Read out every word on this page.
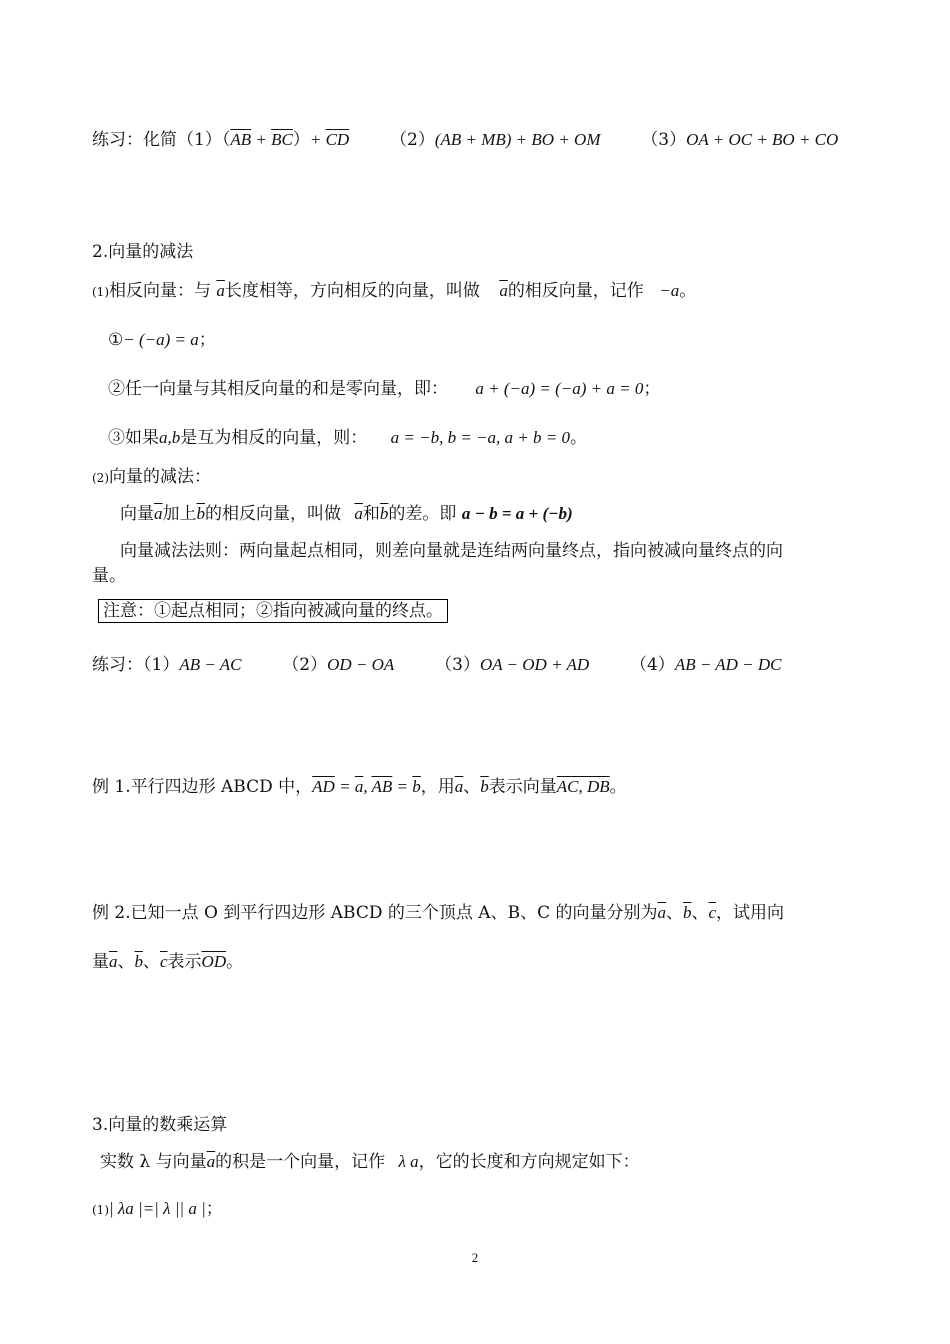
练习：化简$(1)(\overline{AB} + \overline{BC})+ \overline{CD}$ （2）(AB + MB) + BO + OM （3）OA + OC + BO + CO
2.向量的减法
(1)相反向量：与 $\overline{a}$长度相等，方向相反的向量，叫做 $\overline{a}$的相反向量，记作 −a。
①− (−a) = a；
②任一向量与其相反向量的和是零向量，即： a + (−a) = (−a) + a = 0；
③如果a,b是互为相反的向量，则： a = −b, b = −a, a + b = 0。
(2)向量的减法：
向量$\overline{a}$加上$\overline{b}$的相反向量，叫做 $\overline{a}$和$\overline{b}$的差。即 a − b = a + (−b)
向量减法法则：两向量起点相同，则差向量就是连结两向量终点，指向被减向量终点的向
量。
注意：①起点相同；②指向被减向量的终点。
练习：（1）AB − AC （2）OD − OA （3）OA − OD + AD （4）AB − AD − DC
例 1.平行四边形 ABCD 中，$\overline{AD} = \overline{a}$, $\overline{AB} = \overline{b}$，用$\overline{a}$、$\overline{b}$表示向量AC, DB。
例 2.已知一点 O 到平行四边形 ABCD 的三个顶点 A、B、C 的向量分别为$\overline{a}$、$\overline{b}$、$\overline{c}$，试用向
量$\overline{a}$、$\overline{b}$、$\overline{c}$表示$\overline{OD}$。
3.向量的数乘运算
实数 λ 与向量$\overline{a}$的积是一个向量，记作 λ a，它的长度和方向规定如下：
(1)| λa |=| λ || a |；
2
